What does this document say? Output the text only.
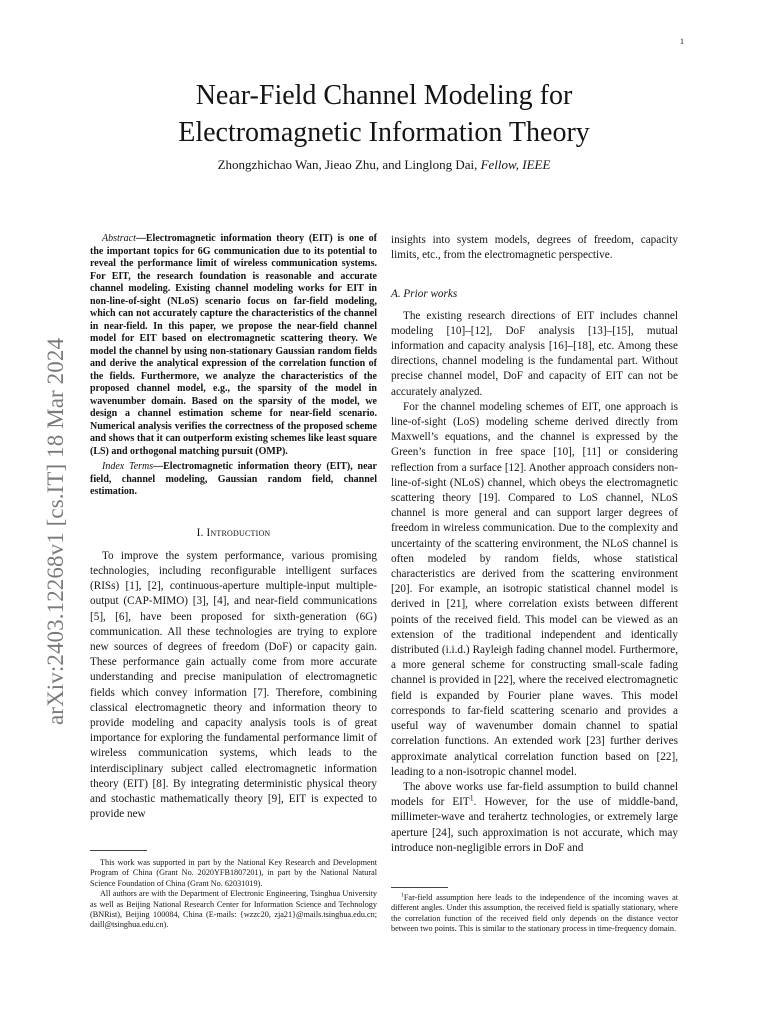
1
arXiv:2403.12268v1 [cs.IT] 18 Mar 2024
Near-Field Channel Modeling for
Electromagnetic Information Theory
Zhongzhichao Wan, Jieao Zhu, and Linglong Dai, Fellow, IEEE

Abstract—Electromagnetic information theory (EIT) is one of the important topics for 6G communication due to its potential to reveal the performance limit of wireless communication systems. For EIT, the research foundation is reasonable and accurate channel modeling. Existing channel modeling works for EIT in non-line-of-sight (NLoS) scenario focus on far-field modeling, which can not accurately capture the characteristics of the channel in near-field. In this paper, we propose the near-field channel model for EIT based on electromagnetic scattering theory. We model the channel by using non-stationary Gaussian random fields and derive the analytical expression of the correlation function of the fields. Furthermore, we analyze the characteristics of the proposed channel model, e.g., the sparsity of the model in wavenumber domain. Based on the sparsity of the model, we design a channel estimation scheme for near-field scenario. Numerical analysis verifies the correctness of the proposed scheme and shows that it can outperform existing schemes like least square (LS) and orthogonal matching pursuit (OMP).

Index Terms—Electromagnetic information theory (EIT), near field, channel modeling, Gaussian random field, channel estimation.

I. Introduction

To improve the system performance, various promising technologies, including reconfigurable intelligent surfaces (RISs) [1], [2], continuous-aperture multiple-input multiple-output (CAP-MIMO) [3], [4], and near-field communications [5], [6], have been proposed for sixth-generation (6G) communication. All these technologies are trying to explore new sources of degrees of freedom (DoF) or capacity gain. These performance gain actually come from more accurate understanding and precise manipulation of electromagnetic fields which convey information [7]. Therefore, combining classical electromagnetic theory and information theory to provide modeling and capacity analysis tools is of great importance for exploring the fundamental performance limit of wireless communication systems, which leads to the interdisciplinary subject called electromagnetic information theory (EIT) [8]. By integrating deterministic physical theory and stochastic mathematically theory [9], EIT is expected to provide new

This work was supported in part by the National Key Research and Development Program of China (Grant No. 2020YFB1807201), in part by the National Natural Science Foundation of China (Grant No. 62031019).

All authors are with the Department of Electronic Engineering, Tsinghua University as well as Beijing National Research Center for Information Science and Technology (BNRist), Beijing 100084, China (E-mails: {wzzc20, zja21}@mails.tsinghua.edu.cn; daill@tsinghua.edu.cn).

insights into system models, degrees of freedom, capacity limits, etc., from the electromagnetic perspective.

A. Prior works

The existing research directions of EIT includes channel modeling [10]–[12], DoF analysis [13]–[15], mutual information and capacity analysis [16]–[18], etc. Among these directions, channel modeling is the fundamental part. Without precise channel model, DoF and capacity of EIT can not be accurately analyzed.

For the channel modeling schemes of EIT, one approach is line-of-sight (LoS) modeling scheme derived directly from Maxwell’s equations, and the channel is expressed by the Green’s function in free space [10], [11] or considering reflection from a surface [12]. Another approach considers non-line-of-sight (NLoS) channel, which obeys the electromagnetic scattering theory [19]. Compared to LoS channel, NLoS channel is more general and can support larger degrees of freedom in wireless communication. Due to the complexity and uncertainty of the scattering environment, the NLoS channel is often modeled by random fields, whose statistical characteristics are derived from the scattering environment [20]. For example, an isotropic statistical channel model is derived in [21], where correlation exists between different points of the received field. This model can be viewed as an extension of the traditional independent and identically distributed (i.i.d.) Rayleigh fading channel model. Furthermore, a more general scheme for constructing small-scale fading channel is provided in [22], where the received electromagnetic field is expanded by Fourier plane waves. This model corresponds to far-field scattering scenario and provides a useful way of wavenumber domain channel to spatial correlation functions. An extended work [23] further derives approximate analytical correlation function based on [22], leading to a non-isotropic channel model.

The above works use far-field assumption to build channel models for EIT$^1$. However, for the use of middle-band, millimeter-wave and terahertz technologies, or extremely large aperture [24], such approximation is not accurate, which may introduce non-negligible errors in DoF and

$^1$Far-field assumption here leads to the independence of the incoming waves at different angles. Under this assumption, the received field is spatially stationary, where the correlation function of the received field only depends on the distance vector between two points. This is similar to the stationary process in time-frequency domain.
